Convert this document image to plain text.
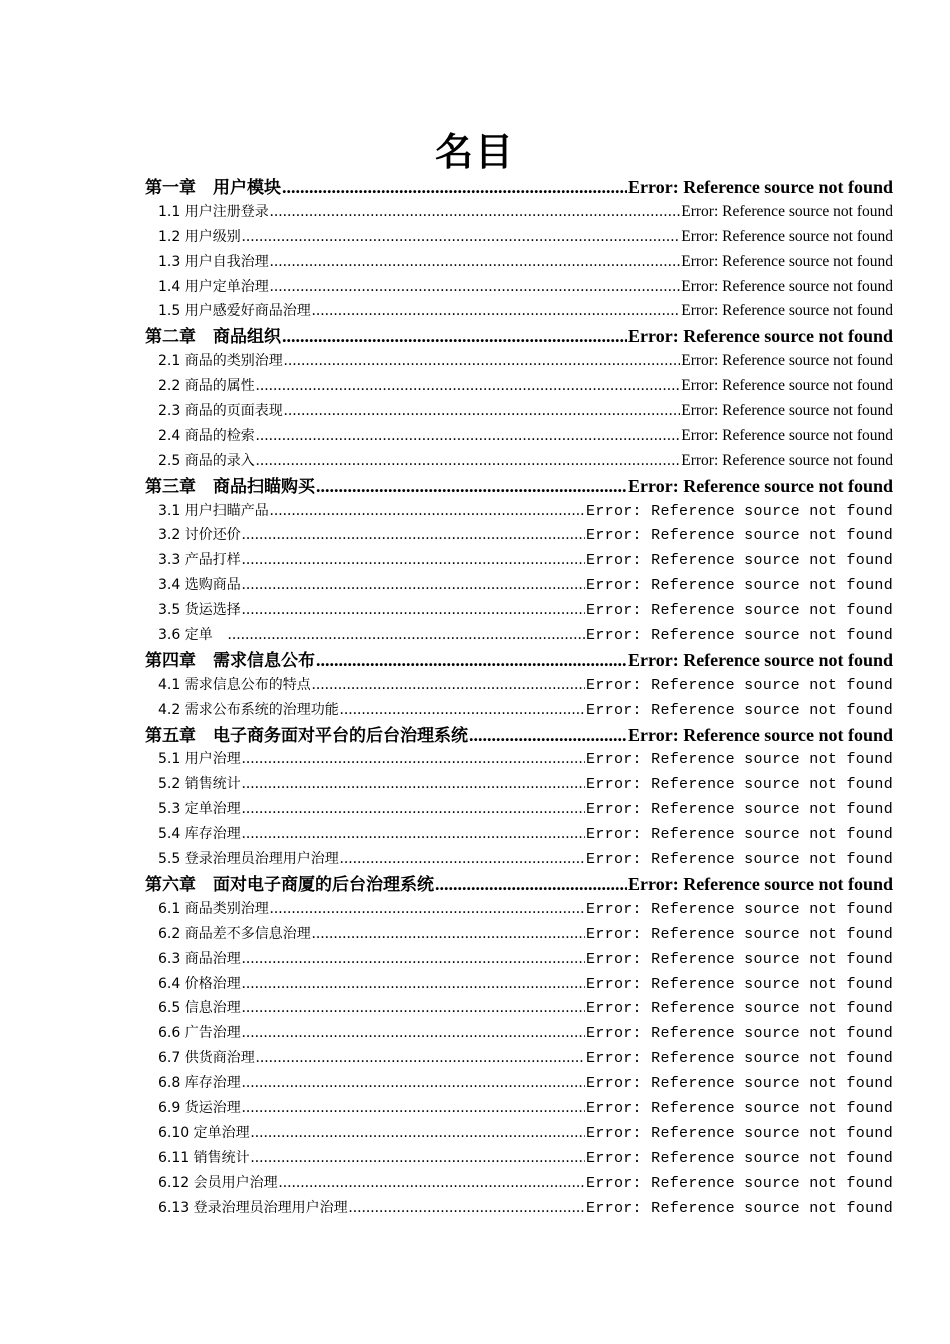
名目
第一章　用户模块 .....	Error: Reference source not found
1.1 用户注册登录 .....	Error: Reference source not found
1.2 用户级别 .....	Error: Reference source not found
1.3 用户自我治理 .....	Error: Reference source not found
1.4 用户定单治理 .....	Error: Reference source not found
1.5 用户感爱好商品治理 .....	Error: Reference source not found
第二章　商品组织 .....	Error: Reference source not found
2.1 商品的类别治理 .....	Error: Reference source not found
2.2 商品的属性 .....	Error: Reference source not found
2.3 商品的页面表现 .....	Error: Reference source not found
2.4 商品的检索 .....	Error: Reference source not found
2.5 商品的录入 .....	Error: Reference source not found
第三章　商品扫瞄购买 .....	Error: Reference source not found
3.1 用户扫瞄产品 .....	Error: Reference source not found
3.2 讨价还价 .....	Error: Reference source not found
3.3 产品打样 .....	Error: Reference source not found
3.4 选购商品 .....	Error: Reference source not found
3.5 货运选择 .....	Error: Reference source not found
3.6 定单　 .....	Error: Reference source not found
第四章　需求信息公布 .....	Error: Reference source not found
4.1 需求信息公布的特点 .....	Error: Reference source not found
4.2 需求公布系统的治理功能 .....	Error: Reference source not found
第五章　电子商务面对平台的后台治理系统 .....	Error: Reference source not found
5.1 用户治理 .....	Error: Reference source not found
5.2 销售统计 .....	Error: Reference source not found
5.3 定单治理 .....	Error: Reference source not found
5.4 库存治理 .....	Error: Reference source not found
5.5 登录治理员治理用户治理 .....	Error: Reference source not found
第六章　面对电子商厦的后台治理系统 .....	Error: Reference source not found
6.1 商品类别治理 .....	Error: Reference source not found
6.2 商品差不多信息治理 .....	Error: Reference source not found
6.3 商品治理 .....	Error: Reference source not found
6.4 价格治理 .....	Error: Reference source not found
6.5 信息治理 .....	Error: Reference source not found
6.6 广告治理 .....	Error: Reference source not found
6.7 供货商治理 .....	Error: Reference source not found
6.8 库存治理 .....	Error: Reference source not found
6.9 货运治理 .....	Error: Reference source not found
6.10 定单治理 .....	Error: Reference source not found
6.11 销售统计 .....	Error: Reference source not found
6.12 会员用户治理 .....	Error: Reference source not found
6.13 登录治理员治理用户治理 .....	Error: Reference source not found
